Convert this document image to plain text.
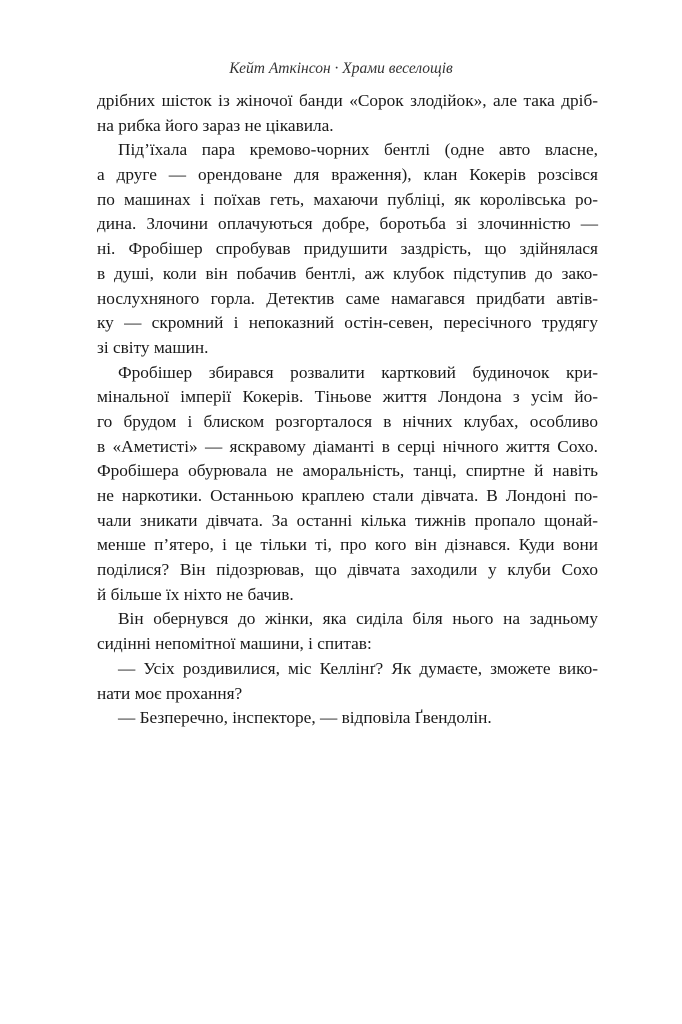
Кейт Аткінсон · Храми веселощів
дрібних шісток із жіночої банди «Сорок злодійок», але така дріб-
на рибка його зараз не цікавила.
Під’їхала пара кремово-чорних бентлі (одне авто власне,
а друге — орендоване для враження), клан Кокерів розсівся
по машинах і поїхав геть, махаючи публіці, як королівська ро-
дина. Злочини оплачуються добре, боротьба зі злочинністю —
ні. Фробішер спробував придушити заздрість, що здійнялася
в душі, коли він побачив бентлі, аж клубок підступив до зако-
нослухняного горла. Детектив саме намагався придбати автів-
ку — скромний і непоказний остін-севен, пересічного трудягу
зі світу машин.
Фробішер збирався розвалити картковий будиночок кри-
мінальної імперії Кокерів. Тіньове життя Лондона з усім йо-
го брудом і блиском розгорталося в нічних клубах, особливо
в «Аметисті» — яскравому діаманті в серці нічного життя Сохо.
Фробішера обурювала не аморальність, танці, спиртне й навіть
не наркотики. Останньою краплею стали дівчата. В Лондоні по-
чали зникати дівчата. За останні кілька тижнів пропало щонай-
менше п’ятеро, і це тільки ті, про кого він дізнався. Куди вони
поділися? Він підозрював, що дівчата заходили у клуби Сохо
й більше їх ніхто не бачив.
Він обернувся до жінки, яка сиділа біля нього на задньому
сидінні непомітної машини, і спитав:
— Усіх роздивилися, міс Келлінґ? Як думаєте, зможете вико-
нати моє прохання?
— Безперечно, інспекторе, — відповіла Ґвендолін.
